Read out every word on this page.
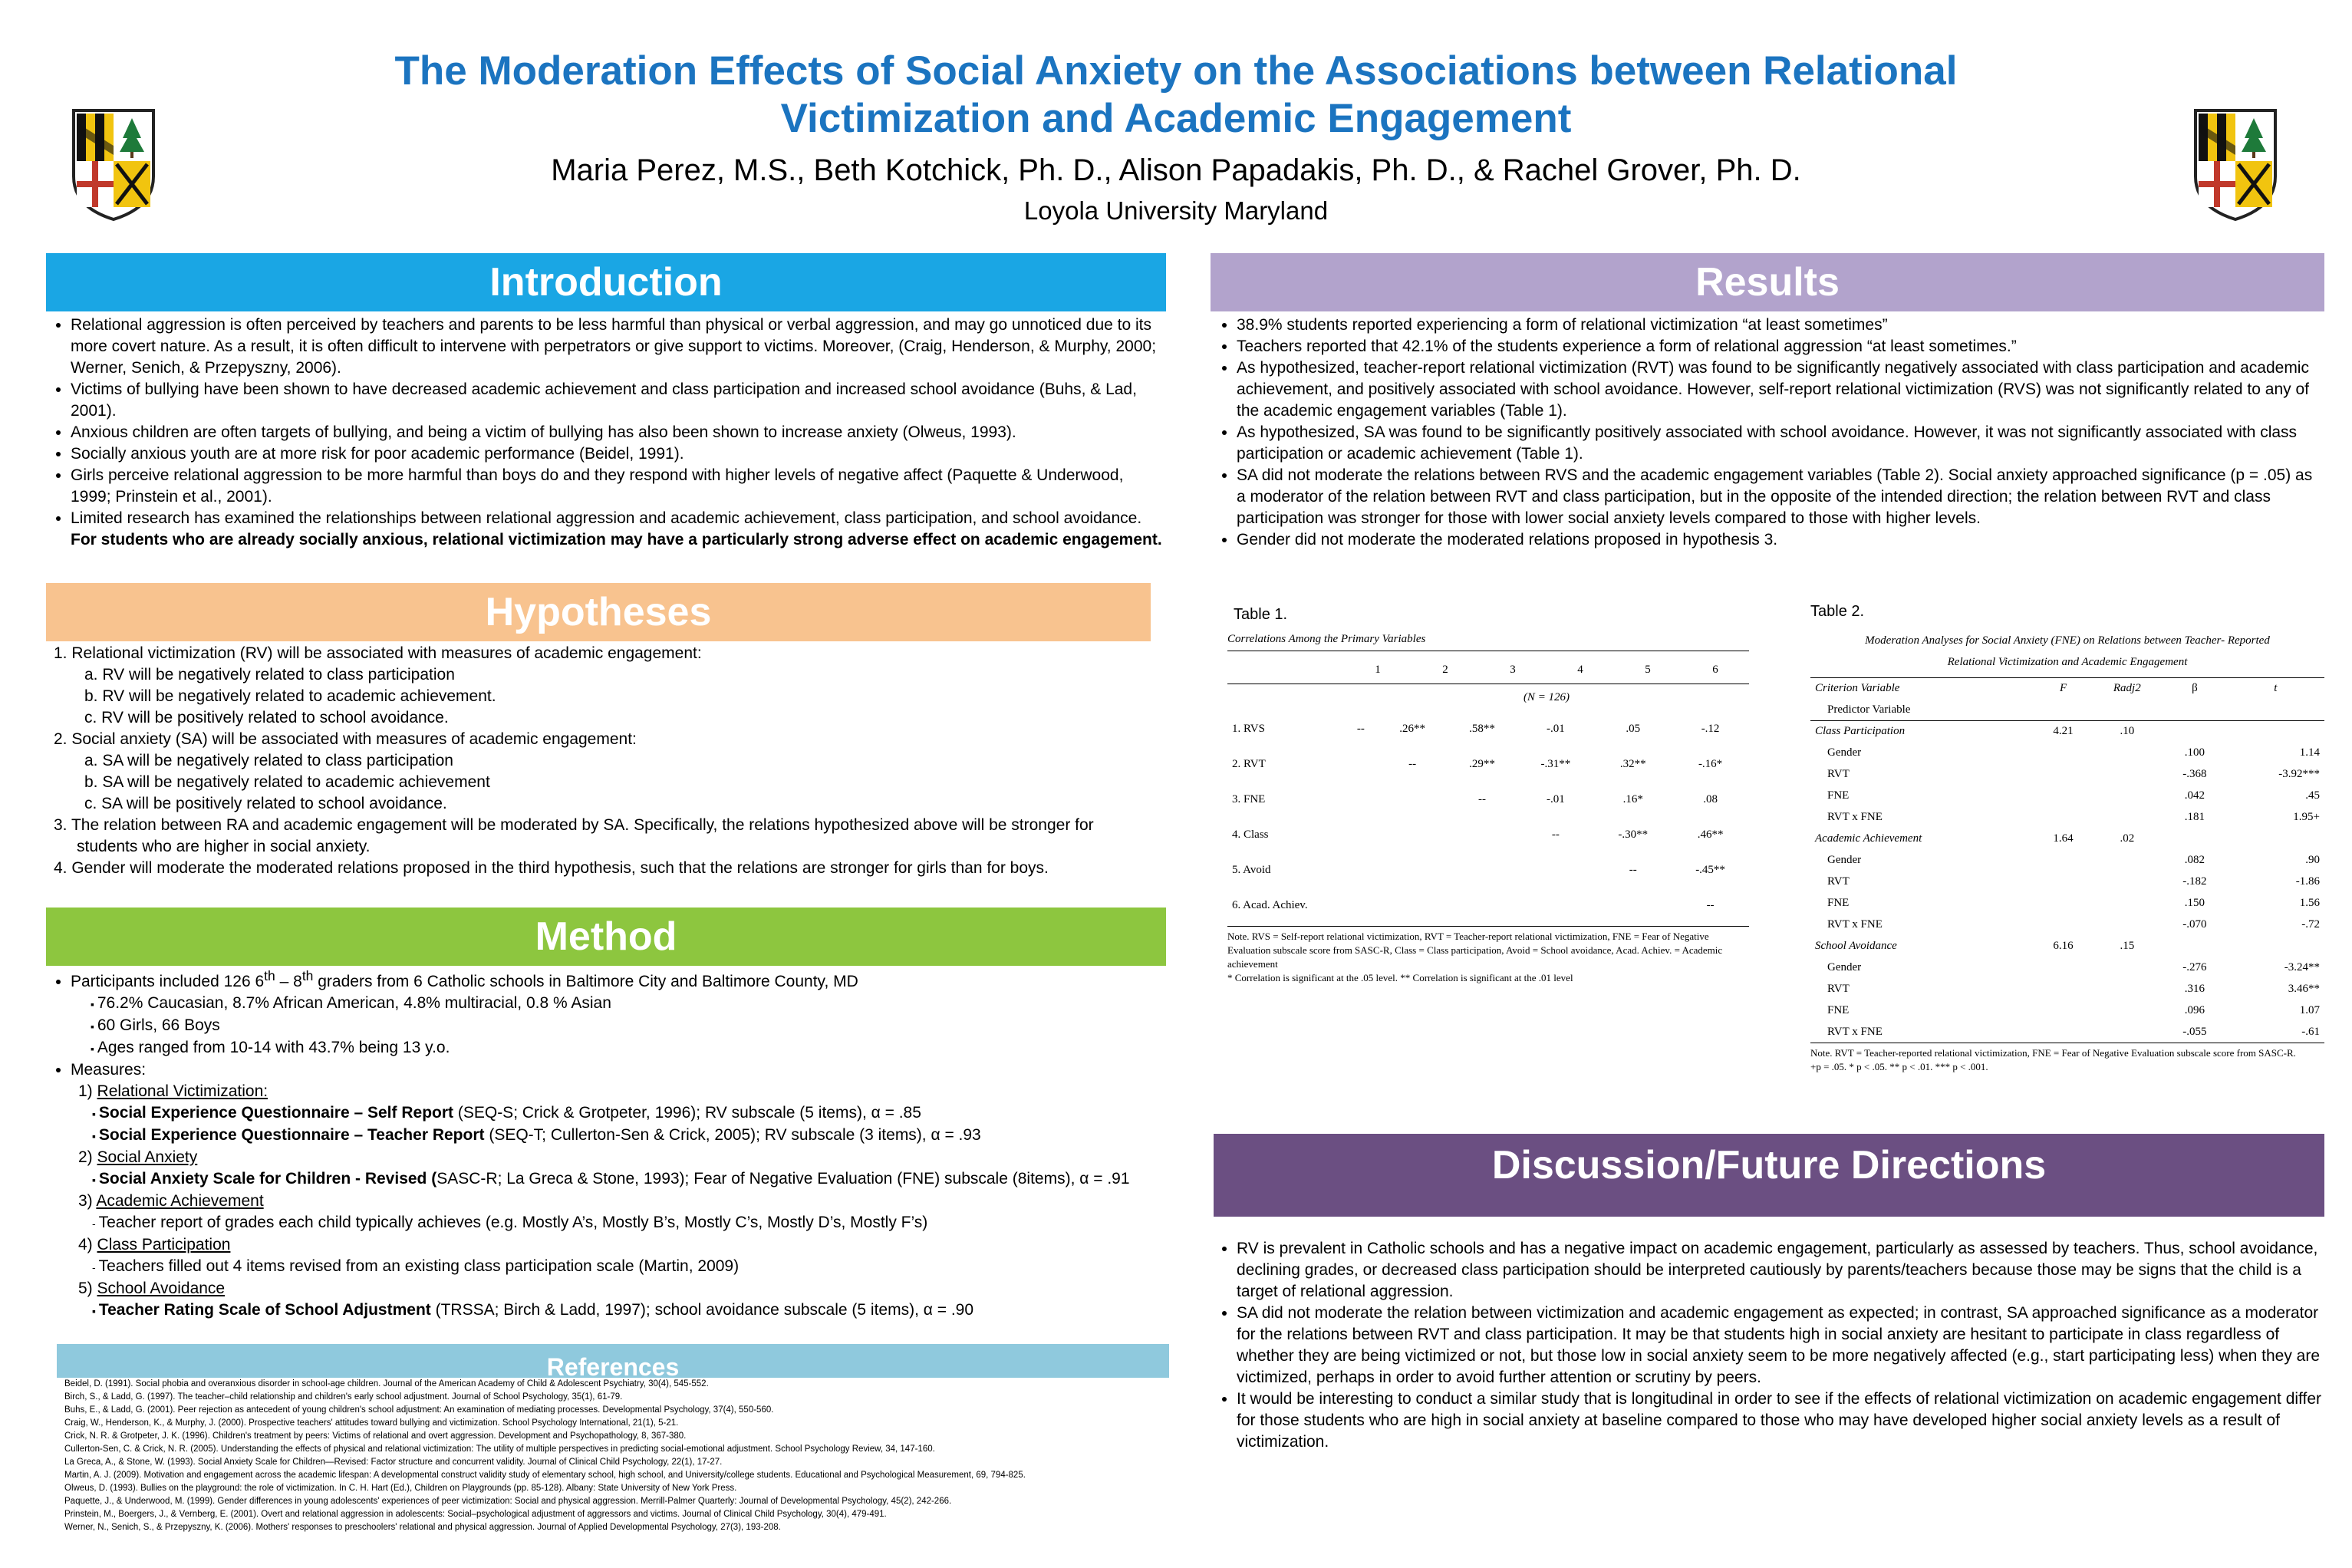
The Moderation Effects of Social Anxiety on the Associations between Relational
Victimization and Academic Engagement
Maria Perez, M.S., Beth Kotchick, Ph. D., Alison Papadakis, Ph. D., & Rachel Grover, Ph. D.
Loyola University Maryland
Introduction
• Relational aggression is often perceived by teachers and parents to be less harmful than physical or verbal aggression, and may go unnoticed due to its more covert nature. As a result, it is often difficult to intervene with perpetrators or give support to victims. Moreover, (Craig, Henderson, & Murphy, 2000; Werner, Senich, & Przepyszny, 2006).
• Victims of bullying have been shown to have decreased academic achievement and class participation and increased school avoidance (Buhs, & Lad, 2001).
• Anxious children are often targets of bullying, and being a victim of bullying has also been shown to increase anxiety (Olweus, 1993).
• Socially anxious youth are at more risk for poor academic performance (Beidel, 1991).
• Girls perceive relational aggression to be more harmful than boys do and they respond with higher levels of negative affect (Paquette & Underwood, 1999; Prinstein et al., 2001).
• Limited research has examined the relationships between relational aggression and academic achievement, class participation, and school avoidance. For students who are already socially anxious, relational victimization may have a particularly strong adverse effect on academic engagement.
Hypotheses
1. Relational victimization (RV) will be associated with measures of academic engagement:
a. RV will be negatively related to class participation
b. RV will be negatively related to academic achievement.
c. RV will be positively related to school avoidance.
2. Social anxiety (SA) will be associated with measures of academic engagement:
a. SA will be negatively related to class participation
b. SA will be negatively related to academic achievement
c. SA will be positively related to school avoidance.
3. The relation between RA and academic engagement will be moderated by SA. Specifically, the relations hypothesized above will be stronger for students who are higher in social anxiety.
4. Gender will moderate the moderated relations proposed in the third hypothesis, such that the relations are stronger for girls than for boys.
Method
• Participants included 126 6th – 8th graders from 6 Catholic schools in Baltimore City and Baltimore County, MD
▪ 76.2% Caucasian, 8.7% African American, 4.8% multiracial, 0.8 % Asian
▪ 60 Girls, 66 Boys
▪ Ages ranged from 10-14 with 43.7% being 13 y.o.
• Measures:
1) Relational Victimization:
▪ Social Experience Questionnaire – Self Report (SEQ-S; Crick & Grotpeter, 1996); RV subscale (5 items), α = .85
▪ Social Experience Questionnaire – Teacher Report (SEQ-T; Cullerton-Sen & Crick, 2005); RV subscale (3 items), α = .93
2) Social Anxiety
▪ Social Anxiety Scale for Children - Revised (SASC-R; La Greca & Stone, 1993); Fear of Negative Evaluation (FNE) subscale (8items), α = .91
3) Academic Achievement
- Teacher report of grades each child typically achieves (e.g. Mostly A’s, Mostly B’s, Mostly C’s, Mostly D’s, Mostly F’s)
4) Class Participation
- Teachers filled out 4 items revised from an existing class participation scale (Martin, 2009)
5) School Avoidance
▪ Teacher Rating Scale of School Adjustment (TRSSA; Birch & Ladd, 1997); school avoidance subscale (5 items), α = .90
References
Beidel, D. (1991). Social phobia and overanxious disorder in school-age children. Journal of the American Academy of Child & Adolescent Psychiatry, 30(4), 545-552.
Birch, S., & Ladd, G. (1997). The teacher–child relationship and children's early school adjustment. Journal of School Psychology, 35(1), 61-79.
Buhs, E., & Ladd, G. (2001). Peer rejection as antecedent of young children's school adjustment: An examination of mediating processes. Developmental Psychology, 37(4), 550-560.
Craig, W., Henderson, K., & Murphy, J. (2000). Prospective teachers' attitudes toward bullying and victimization. School Psychology International, 21(1), 5-21.
Crick, N. R. & Grotpeter, J. K. (1996). Children's treatment by peers: Victims of relational and overt aggression. Development and Psychopathology, 8, 367-380.
Cullerton-Sen, C. & Crick, N. R. (2005). Understanding the effects of physical and relational victimization: The utility of multiple perspectives in predicting social-emotional adjustment. School Psychology Review, 34, 147-160.
La Greca, A., & Stone, W. (1993). Social Anxiety Scale for Children—Revised: Factor structure and concurrent validity. Journal of Clinical Child Psychology, 22(1), 17-27.
Martin, A. J. (2009). Motivation and engagement across the academic lifespan: A developmental construct validity study of elementary school, high school, and University/college students. Educational and Psychological Measurement, 69, 794-825.
Olweus, D. (1993). Bullies on the playground: the role of victimization. In C. H. Hart (Ed.), Children on Playgrounds (pp. 85-128). Albany: State University of New York Press.
Paquette, J., & Underwood, M. (1999). Gender differences in young adolescents' experiences of peer victimization: Social and physical aggression. Merrill-Palmer Quarterly: Journal of Developmental Psychology, 45(2), 242-266.
Prinstein, M., Boergers, J., & Vernberg, E. (2001). Overt and relational aggression in adolescents: Social–psychological adjustment of aggressors and victims. Journal of Clinical Child Psychology, 30(4), 479-491.
Werner, N., Senich, S., & Przepyszny, K. (2006). Mothers' responses to preschoolers' relational and physical aggression. Journal of Applied Developmental Psychology, 27(3), 193-208.
Results
• 38.9% students reported experiencing a form of relational victimization “at least sometimes”
• Teachers reported that 42.1% of the students experience a form of relational aggression “at least sometimes.”
• As hypothesized, teacher-report relational victimization (RVT) was found to be significantly negatively associated with class participation and academic achievement, and positively associated with school avoidance. However, self-report relational victimization (RVS) was not significantly related to any of the academic engagement variables (Table 1).
• As hypothesized, SA was found to be significantly positively associated with school avoidance. However, it was not significantly associated with class participation or academic achievement (Table 1).
• SA did not moderate the relations between RVS and the academic engagement variables (Table 2). Social anxiety approached significance (p = .05) as a moderator of the relation between RVT and class participation, but in the opposite of the intended direction; the relation between RVT and class participation was stronger for those with lower social anxiety levels compared to those with higher levels.
• Gender did not moderate the moderated relations proposed in hypothesis 3.
Table 1.
Correlations Among the Primary Variables
	1	2	3	4	5	6
	(N = 126)					
1. RVS	--	.26**	.58**	-.01	.05	-.12
2. RVT		--	.29**	-.31**	.32**	-.16*
3. FNE			--	-.01	.16*	.08
4. Class				--	-.30**	.46**
5. Avoid					--	-.45**
6. Acad. Achiev.						--
Note. RVS = Self-report relational victimization, RVT = Teacher-report relational victimization, FNE = Fear of Negative Evaluation subscale score from SASC-R, Class = Class participation, Avoid = School avoidance, Acad. Achiev. = Academic achievement
* Correlation is significant at the .05 level. ** Correlation is significant at the .01 level
Table 2.
Moderation Analyses for Social Anxiety (FNE) on Relations between Teacher- Reported
Relational Victimization and Academic Engagement
Criterion Variable	F	Radj2	β	t
Predictor Variable				
Class Participation	4.21	.10		
Gender			.100	1.14
RVT			-.368	-3.92***
FNE			.042	.45
RVT x FNE			.181	1.95+
Academic Achievement	1.64	.02		
Gender			.082	.90
RVT			-.182	-1.86
FNE			.150	1.56
RVT x FNE			-.070	-.72
School Avoidance	6.16	.15		
Gender			-.276	-3.24**
RVT			.316	3.46**
FNE			.096	1.07
RVT x FNE			-.055	-.61
Note. RVT = Teacher-reported relational victimization, FNE = Fear of Negative Evaluation subscale score from SASC-R.
+p = .05. * p < .05. ** p < .01. *** p < .001.
Discussion/Future Directions
• RV is prevalent in Catholic schools and has a negative impact on academic engagement, particularly as assessed by teachers. Thus, school avoidance, declining grades, or decreased class participation should be interpreted cautiously by parents/teachers because those may be signs that the child is a target of relational aggression.
• SA did not moderate the relation between victimization and academic engagement as expected; in contrast, SA approached significance as a moderator for the relations between RVT and class participation. It may be that students high in social anxiety are hesitant to participate in class regardless of whether they are being victimized or not, but those low in social anxiety seem to be more negatively affected (e.g., start participating less) when they are victimized, perhaps in order to avoid further attention or scrutiny by peers.
• It would be interesting to conduct a similar study that is longitudinal in order to see if the effects of relational victimization on academic engagement differ for those students who are high in social anxiety at baseline compared to those who may have developed higher social anxiety levels as a result of victimization.
